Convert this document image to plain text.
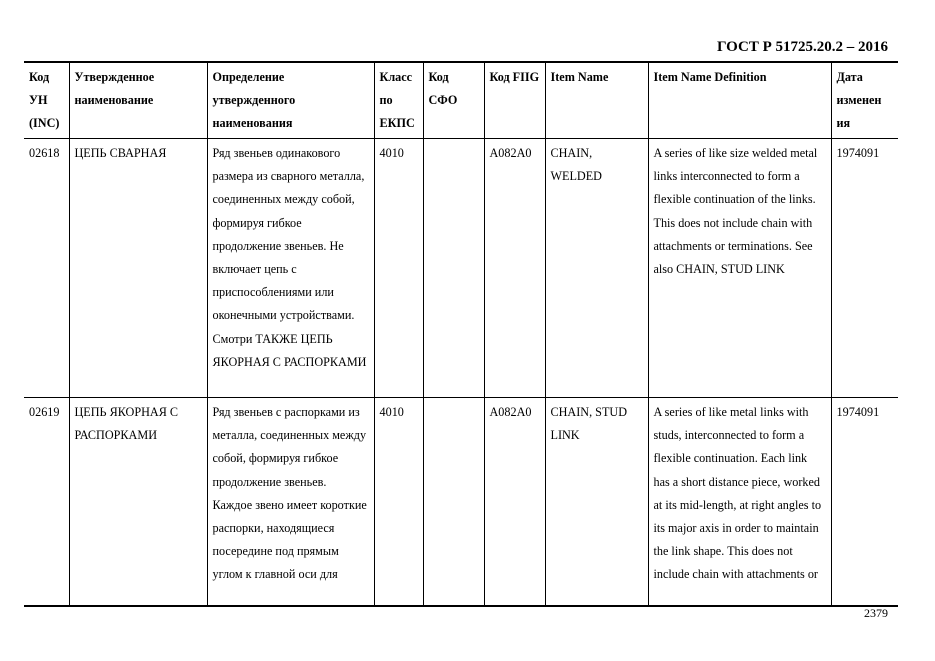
ГОСТ Р 51725.20.2 – 2016
Код УН (INC)	Утвержденное наименование	Определение утвержденного наименования	Класс по ЕКПС	Код СФО	Код FIIG	Item Name	Item Name Definition	Дата изменен ия
02618	ЦЕПЬ СВАРНАЯ	Ряд звеньев одинакового размера из сварного металла, соединенных между собой, формируя гибкое продолжение звеньев. Не включает цепь с приспособлениями или оконечными устройствами. Смотри ТАКЖЕ ЦЕПЬ ЯКОРНАЯ С РАСПОРКАМИ	4010		A082A0	CHAIN, WELDED	A series of like size welded metal links interconnected to form a flexible continuation of the links. This does not include chain with attachments or terminations. See also CHAIN, STUD LINK	1974091
02619	ЦЕПЬ ЯКОРНАЯ С РАСПОРКАМИ	Ряд звеньев с распорками из металла, соединенных между собой, формируя гибкое продолжение звеньев. Каждое звено имеет короткие распорки, находящиеся посередине под прямым углом к главной оси для	4010		A082A0	CHAIN, STUD LINK	A series of like metal links with studs, interconnected to form a flexible continuation. Each link has a short distance piece, worked at its mid-length, at right angles to its major axis in order to maintain the link shape. This does not include chain with attachments or	1974091
2379
